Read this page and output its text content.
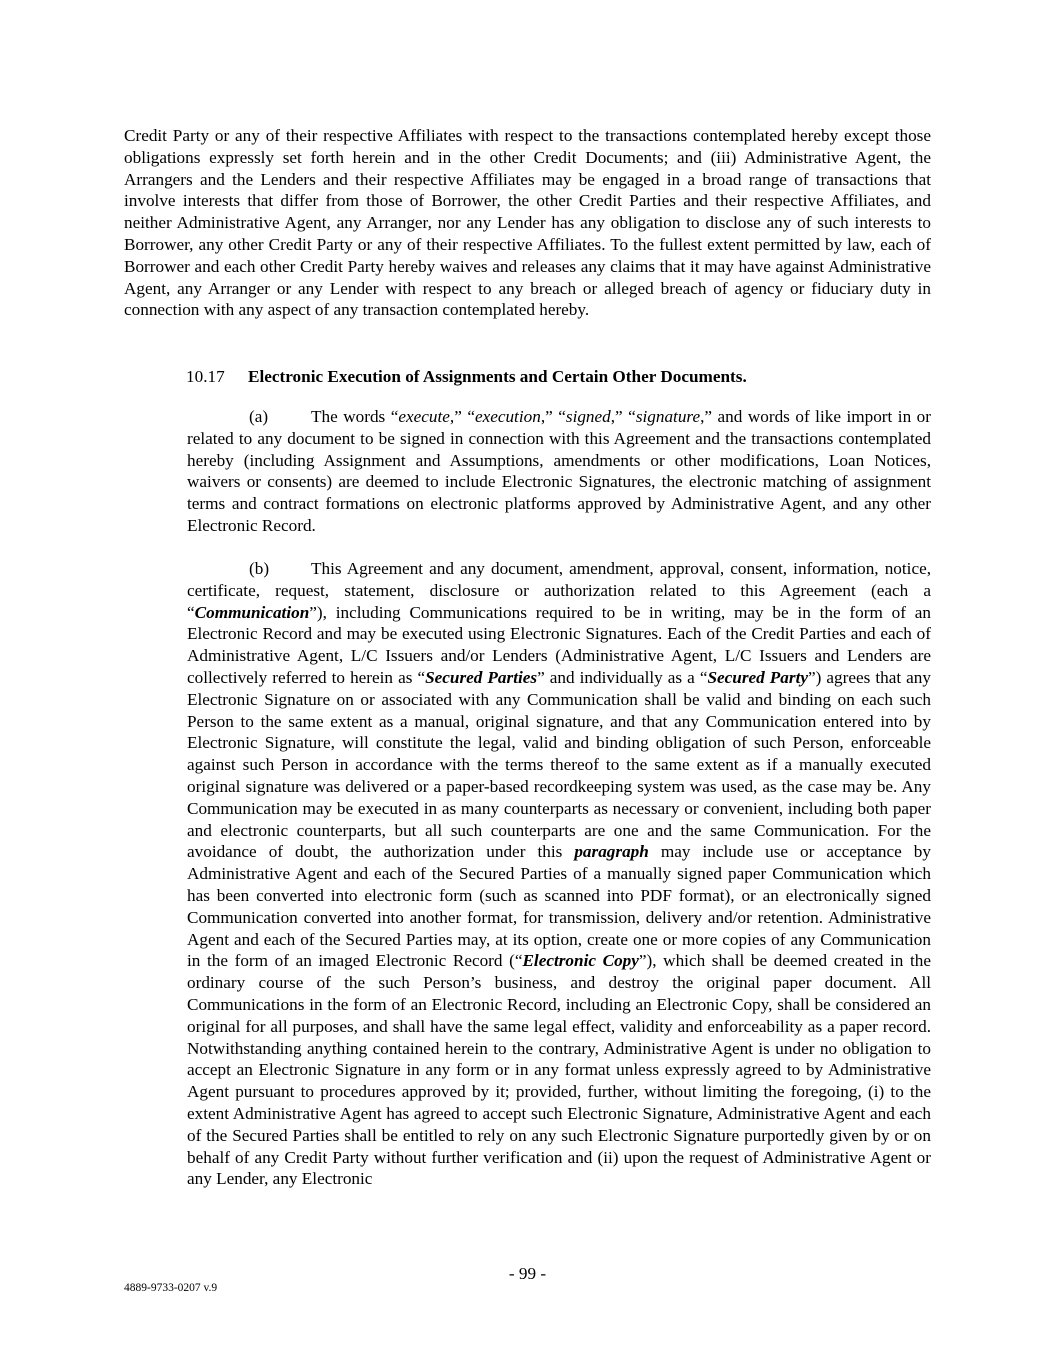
Credit Party or any of their respective Affiliates with respect to the transactions contemplated hereby except those obligations expressly set forth herein and in the other Credit Documents; and (iii) Administrative Agent, the Arrangers and the Lenders and their respective Affiliates may be engaged in a broad range of transactions that involve interests that differ from those of Borrower, the other Credit Parties and their respective Affiliates, and neither Administrative Agent, any Arranger, nor any Lender has any obligation to disclose any of such interests to Borrower, any other Credit Party or any of their respective Affiliates. To the fullest extent permitted by law, each of Borrower and each other Credit Party hereby waives and releases any claims that it may have against Administrative Agent, any Arranger or any Lender with respect to any breach or alleged breach of agency or fiduciary duty in connection with any aspect of any transaction contemplated hereby.

10.17 Electronic Execution of Assignments and Certain Other Documents.

(a) The words “execute,” “execution,” “signed,” “signature,” and words of like import in or related to any document to be signed in connection with this Agreement and the transactions contemplated hereby (including Assignment and Assumptions, amendments or other modifications, Loan Notices, waivers or consents) are deemed to include Electronic Signatures, the electronic matching of assignment terms and contract formations on electronic platforms approved by Administrative Agent, and any other Electronic Record.

(b) This Agreement and any document, amendment, approval, consent, information, notice, certificate, request, statement, disclosure or authorization related to this Agreement (each a “Communication”), including Communications required to be in writing, may be in the form of an Electronic Record and may be executed using Electronic Signatures. Each of the Credit Parties and each of Administrative Agent, L/C Issuers and/or Lenders (Administrative Agent, L/C Issuers and Lenders are collectively referred to herein as “Secured Parties” and individually as a “Secured Party”) agrees that any Electronic Signature on or associated with any Communication shall be valid and binding on each such Person to the same extent as a manual, original signature, and that any Communication entered into by Electronic Signature, will constitute the legal, valid and binding obligation of such Person, enforceable against such Person in accordance with the terms thereof to the same extent as if a manually executed original signature was delivered or a paper-based recordkeeping system was used, as the case may be. Any Communication may be executed in as many counterparts as necessary or convenient, including both paper and electronic counterparts, but all such counterparts are one and the same Communication. For the avoidance of doubt, the authorization under this paragraph may include use or acceptance by Administrative Agent and each of the Secured Parties of a manually signed paper Communication which has been converted into electronic form (such as scanned into PDF format), or an electronically signed Communication converted into another format, for transmission, delivery and/or retention. Administrative Agent and each of the Secured Parties may, at its option, create one or more copies of any Communication in the form of an imaged Electronic Record (“Electronic Copy”), which shall be deemed created in the ordinary course of the such Person’s business, and destroy the original paper document. All Communications in the form of an Electronic Record, including an Electronic Copy, shall be considered an original for all purposes, and shall have the same legal effect, validity and enforceability as a paper record. Notwithstanding anything contained herein to the contrary, Administrative Agent is under no obligation to accept an Electronic Signature in any form or in any format unless expressly agreed to by Administrative Agent pursuant to procedures approved by it; provided, further, without limiting the foregoing, (i) to the extent Administrative Agent has agreed to accept such Electronic Signature, Administrative Agent and each of the Secured Parties shall be entitled to rely on any such Electronic Signature purportedly given by or on behalf of any Credit Party without further verification and (ii) upon the request of Administrative Agent or any Lender, any Electronic

- 99 -

4889-9733-0207 v.9
